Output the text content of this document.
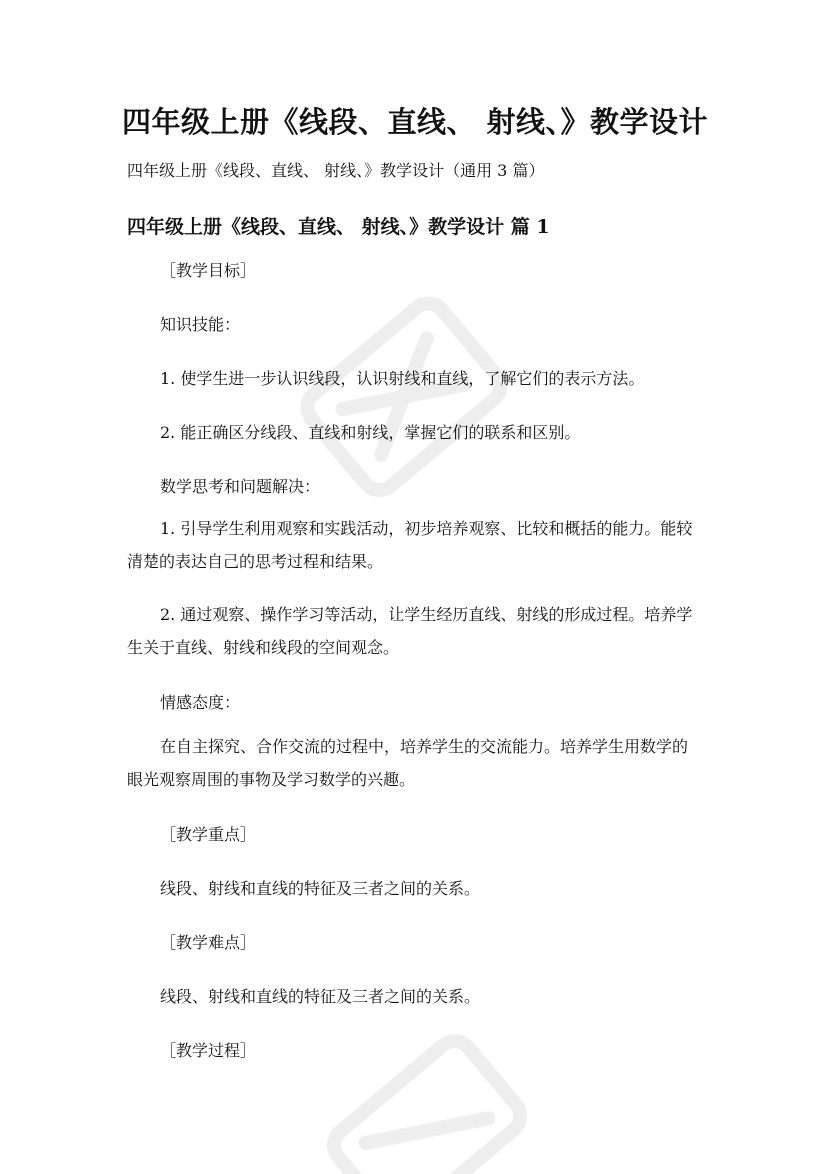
四年级上册《线段、直线、 射线、》教学设计
四年级上册《线段、直线、 射线、》教学设计（通用 3 篇）
四年级上册《线段、直线、 射线、》教学设计 篇 1
［教学目标］
知识技能：
1. 使学生进一步认识线段，认识射线和直线，了解它们的表示方法。
2. 能正确区分线段、直线和射线，掌握它们的联系和区别。
数学思考和问题解决：
1. 引导学生利用观察和实践活动，初步培养观察、比较和概括的能力。能较清楚的表达自己的思考过程和结果。
2. 通过观察、操作学习等活动，让学生经历直线、射线的形成过程。培养学生关于直线、射线和线段的空间观念。
情感态度：
在自主探究、合作交流的过程中，培养学生的交流能力。培养学生用数学的眼光观察周围的事物及学习数学的兴趣。
［教学重点］
线段、射线和直线的特征及三者之间的关系。
［教学难点］
线段、射线和直线的特征及三者之间的关系。
［教学过程］
